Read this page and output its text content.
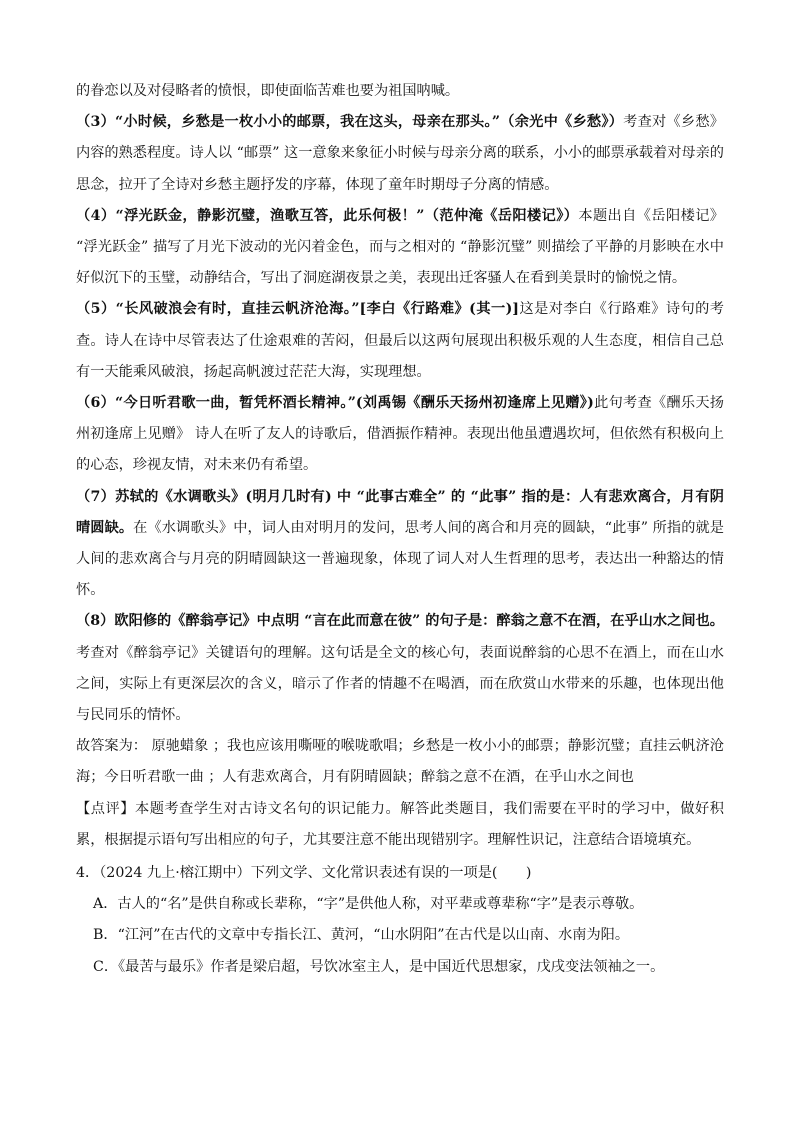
的眷恋以及对侵略者的愤恨，即使面临苦难也要为祖国呐喊。

（3）“小时候，乡愁是一枚小小的邮票，我在这头，母亲在那头。”（余光中《乡愁》）考查对《乡愁》内容的熟悉程度。诗人以 “邮票” 这一意象来象征小时候与母亲分离的联系，小小的邮票承载着对母亲的思念，拉开了全诗对乡愁主题抒发的序幕，体现了童年时期母子分离的情感。

（4）“浮光跃金，静影沉璧，渔歌互答，此乐何极！”（范仲淹《岳阳楼记》）本题出自《岳阳楼记》 “浮光跃金” 描写了月光下波动的光闪着金色，而与之相对的 “静影沉璧” 则描绘了平静的月影映在水中好似沉下的玉璧，动静结合，写出了洞庭湖夜景之美，表现出迁客骚人在看到美景时的愉悦之情。

（5）“长风破浪会有时，直挂云帆济沧海。”[李白《行路难》(其一)]这是对李白《行路难》诗句的考查。诗人在诗中尽管表达了仕途艰难的苦闷，但最后以这两句展现出积极乐观的人生态度，相信自己总有一天能乘风破浪，扬起高帆渡过茫茫大海，实现理想。

（6）“今日听君歌一曲，暂凭杯酒长精神。”(刘禹锡《酬乐天扬州初逢席上见赠》)此句考查《酬乐天扬州初逢席上见赠》 诗人在听了友人的诗歌后，借酒振作精神。表现出他虽遭遇坎坷，但依然有积极向上的心态，珍视友情，对未来仍有希望。

（7）苏轼的《水调歌头》(明月几时有) 中 “此事古难全” 的 “此事” 指的是：人有悲欢离合，月有阴晴圆缺。在《水调歌头》中，词人由对明月的发问，思考人间的离合和月亮的圆缺，“此事” 所指的就是人间的悲欢离合与月亮的阴晴圆缺这一普遍现象，体现了词人对人生哲理的思考，表达出一种豁达的情怀。

（8）欧阳修的《醉翁亭记》中点明 “言在此而意在彼” 的句子是：醉翁之意不在酒，在乎山水之间也。考查对《醉翁亭记》关键语句的理解。这句话是全文的核心句，表面说醉翁的心思不在酒上，而在山水之间，实际上有更深层次的含义，暗示了作者的情趣不在喝酒，而在欣赏山水带来的乐趣，也体现出他与民同乐的情怀。

故答案为： 原驰蜡象 ；我也应该用嘶哑的喉咙歌唱；乡愁是一枚小小的邮票；静影沉璧；直挂云帆济沧海；今日听君歌一曲 ；人有悲欢离合，月有阴晴圆缺；醉翁之意不在酒，在乎山水之间也

【点评】本题考查学生对古诗文名句的识记能力。解答此类题目，我们需要在平时的学习中，做好积累，根据提示语句写出相应的句子，尤其要注意不能出现错别字。理解性识记，注意结合语境填充。

4．（2024 九上·榕江期中）下列文学、文化常识表述有误的一项是(　　)

A．古人的“名”是供自称或长辈称，“字”是供他人称，对平辈或尊辈称“字”是表示尊敬。

B．“江河”在古代的文章中专指长江、黄河，“山水阴阳”在古代是以山南、水南为阳。

C．《最苦与最乐》作者是梁启超，号饮冰室主人，是中国近代思想家，戊戌变法领袖之一。
